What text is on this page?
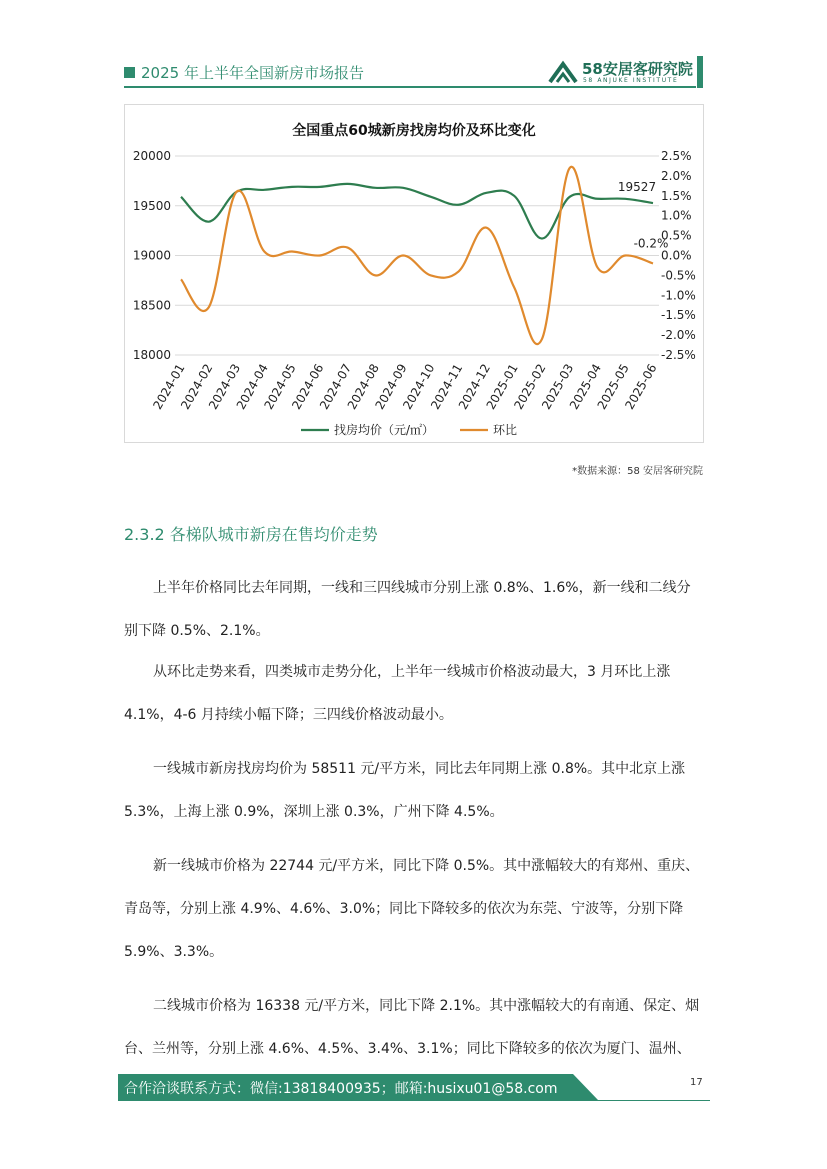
2025 年上半年全国新房市场报告	58安居客研究院
58 ANJUKE INSTITUTE
全国重点60城新房找房均价及环比变化
20000
19500
19000
18500
18000
2.5%
2.0%
1.5%
1.0%
0.5%
0.0%
-0.5%
-1.0%
-1.5%
-2.0%
-2.5%
2024-01
2024-02
2024-03
2024-04
2024-05
2024-06
2024-07
2024-08
2024-09
2024-10
2024-11
2024-12
2025-01
2025-02
2025-03
2025-04
2025-05
2025-06
19527
-0.2%
找房均价（元/㎡）	环比
*数据来源：58 安居客研究院
2.3.2 各梯队城市新房在售均价走势
上半年价格同比去年同期，一线和三四线城市分别上涨 0.8%、1.6%，新一线和二线分别下降 0.5%、2.1%。
从环比走势来看，四类城市走势分化，上半年一线城市价格波动最大，3 月环比上涨 4.1%，4-6 月持续小幅下降；三四线价格波动最小。
一线城市新房找房均价为 58511 元/平方米，同比去年同期上涨 0.8%。其中北京上涨 5.3%，上海上涨 0.9%，深圳上涨 0.3%，广州下降 4.5%。
新一线城市价格为 22744 元/平方米，同比下降 0.5%。其中涨幅较大的有郑州、重庆、青岛等，分别上涨 4.9%、4.6%、3.0%；同比下降较多的依次为东莞、宁波等，分别下降 5.9%、3.3%。
二线城市价格为 16338 元/平方米，同比下降 2.1%。其中涨幅较大的有南通、保定、烟台、兰州等，分别上涨 4.6%、4.5%、3.4%、3.1%；同比下降较多的依次为厦门、温州、
合作洽谈联系方式：微信:13818400935；邮箱:husixu01@58.com	17
